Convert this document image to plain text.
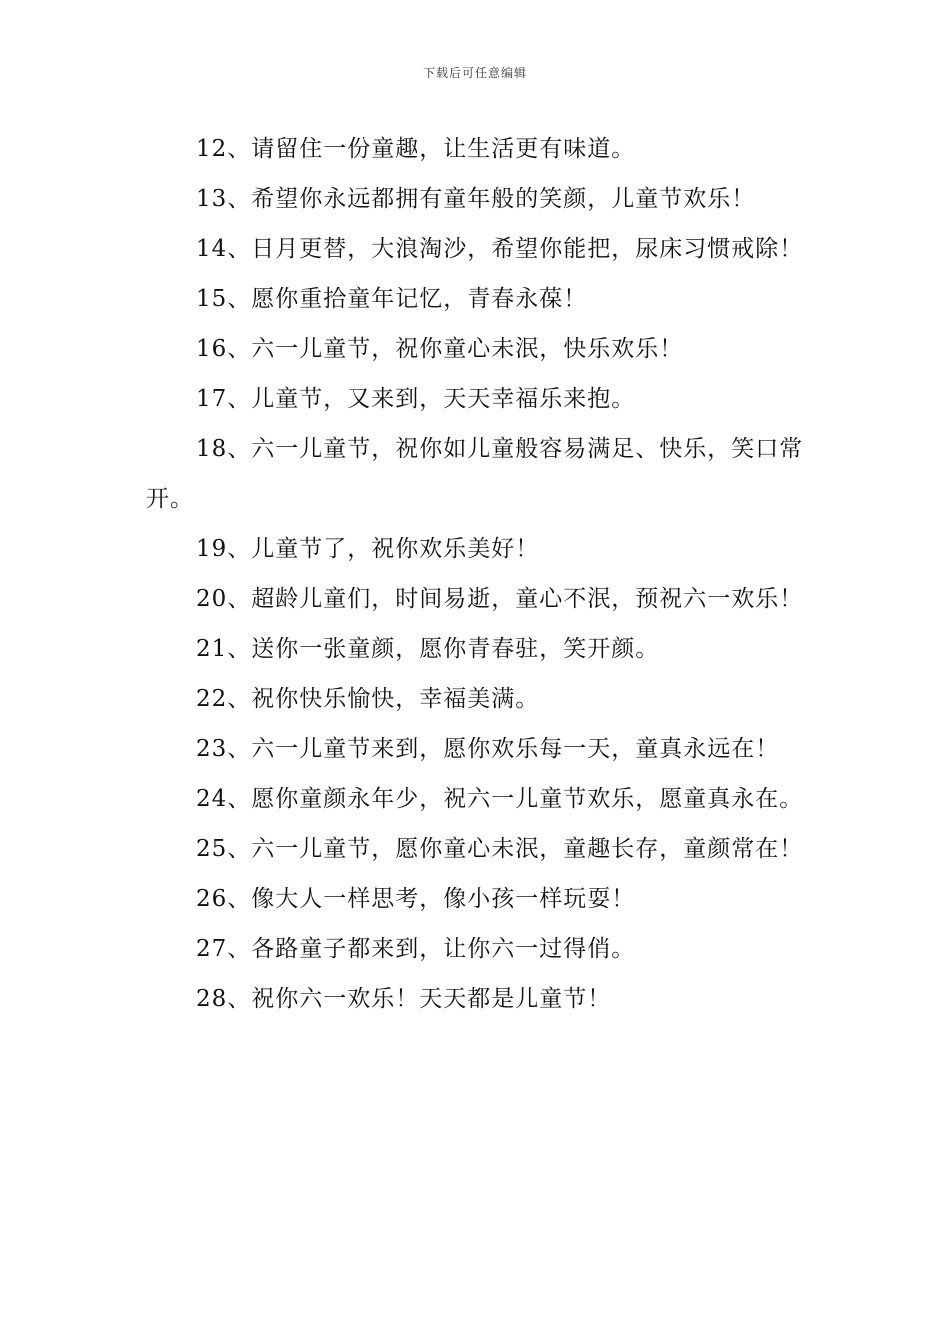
下载后可任意编辑

12、请留住一份童趣，让生活更有味道。

13、希望你永远都拥有童年般的笑颜，儿童节欢乐！

14、日月更替，大浪淘沙，希望你能把，尿床习惯戒除！

15、愿你重拾童年记忆，青春永葆！

16、六一儿童节，祝你童心未泯，快乐欢乐！

17、儿童节，又来到，天天幸福乐来抱。

18、六一儿童节，祝你如儿童般容易满足、快乐，笑口常开。

19、儿童节了，祝你欢乐美好！

20、超龄儿童们，时间易逝，童心不泯，预祝六一欢乐！

21、送你一张童颜，愿你青春驻，笑开颜。

22、祝你快乐愉快，幸福美满。

23、六一儿童节来到，愿你欢乐每一天，童真永远在！

24、愿你童颜永年少，祝六一儿童节欢乐，愿童真永在。

25、六一儿童节，愿你童心未泯，童趣长存，童颜常在！

26、像大人一样思考，像小孩一样玩耍！

27、各路童子都来到，让你六一过得俏。

28、祝你六一欢乐！天天都是儿童节！
